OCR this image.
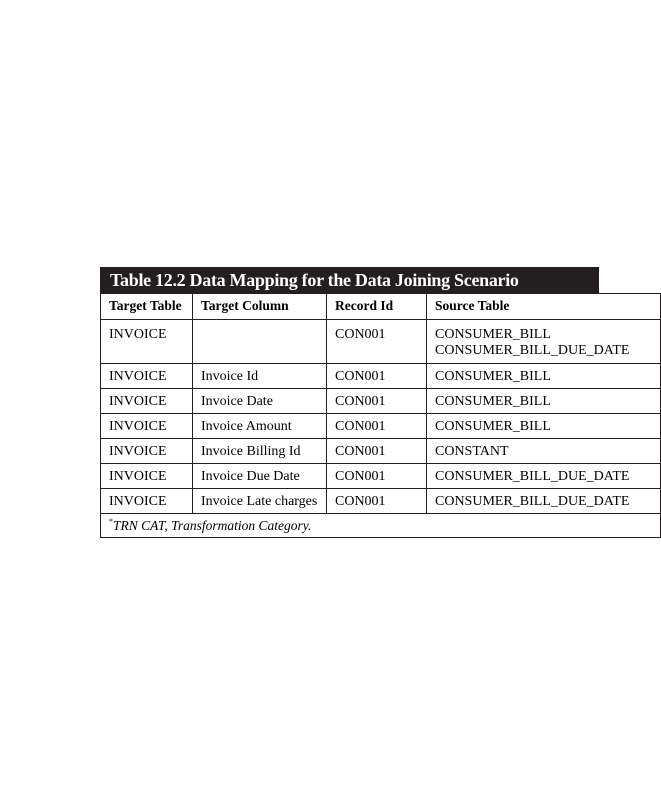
Table 12.2 Data Mapping for the Data Joining Scenario
Target Table	Target Column	Record Id	Source Table
INVOICE		CON001	CONSUMER_BILL
CONSUMER_BILL_DUE_DATE

INVOICE	Invoice Id	CON001	CONSUMER_BILL
INVOICE	Invoice Date	CON001	CONSUMER_BILL
INVOICE	Invoice Amount	CON001	CONSUMER_BILL
INVOICE	Invoice Billing Id	CON001	CONSTANT
INVOICE	Invoice Due Date	CON001	CONSUMER_BILL_DUE_DATE
INVOICE	Invoice Late charges	CON001	CONSUMER_BILL_DUE_DATE
*TRN CAT, Transformation Category.			
